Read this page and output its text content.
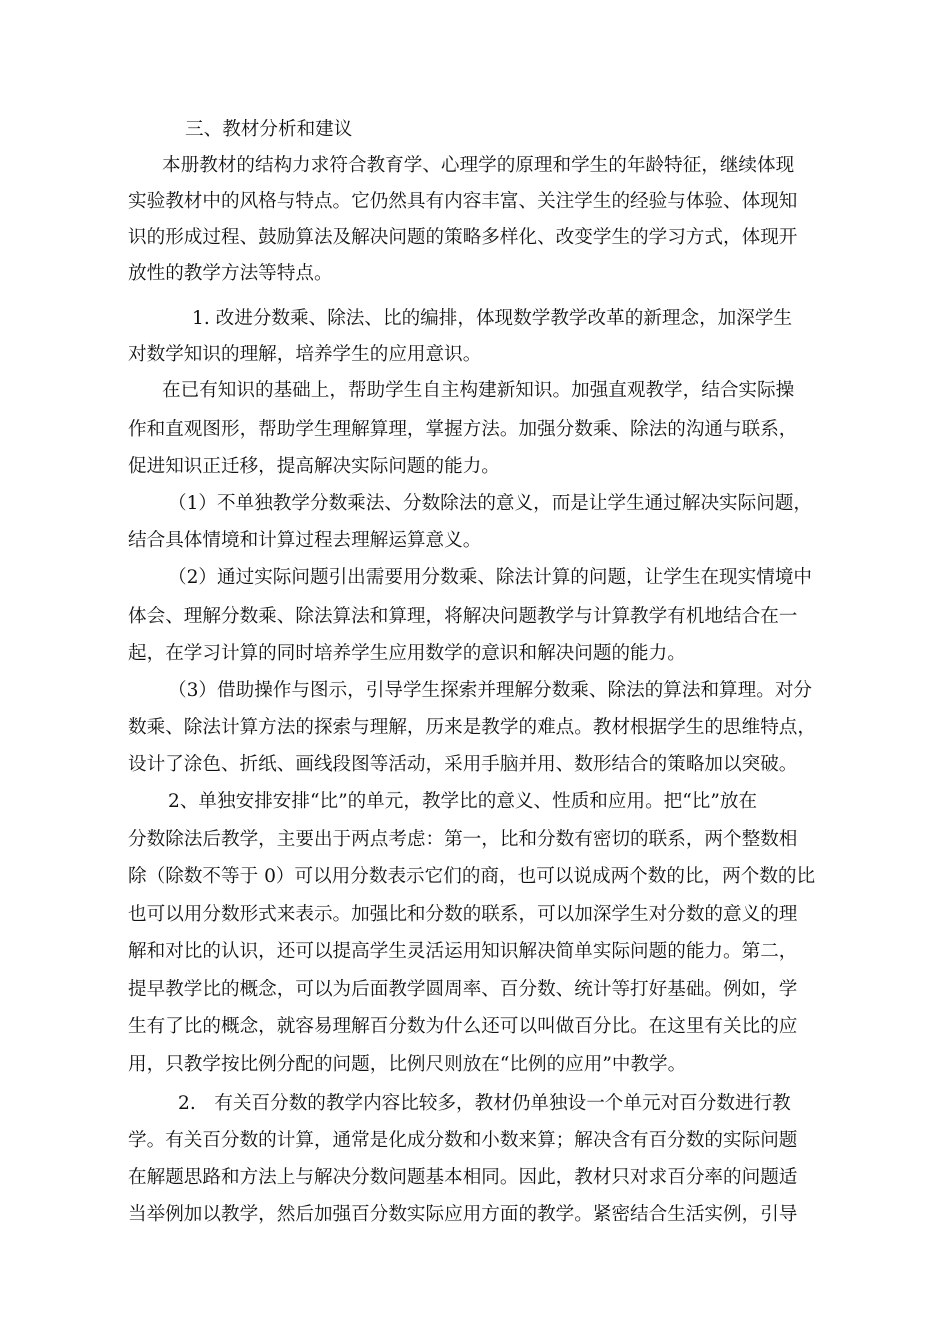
三、教材分析和建议
本册教材的结构力求符合教育学、心理学的原理和学生的年龄特征，继续体现
实验教材中的风格与特点。它仍然具有内容丰富、关注学生的经验与体验、体现知
识的形成过程、鼓励算法及解决问题的策略多样化、改变学生的学习方式，体现开
放性的教学方法等特点。
1. 改进分数乘、除法、比的编排，体现数学教学改革的新理念，加深学生
对数学知识的理解，培养学生的应用意识。
在已有知识的基础上，帮助学生自主构建新知识。加强直观教学，结合实际操
作和直观图形，帮助学生理解算理，掌握方法。加强分数乘、除法的沟通与联系，
促进知识正迁移，提高解决实际问题的能力。
（1）不单独教学分数乘法、分数除法的意义，而是让学生通过解决实际问题，
结合具体情境和计算过程去理解运算意义。
（2）通过实际问题引出需要用分数乘、除法计算的问题，让学生在现实情境中
体会、理解分数乘、除法算法和算理，将解决问题教学与计算教学有机地结合在一
起，在学习计算的同时培养学生应用数学的意识和解决问题的能力。
（3）借助操作与图示，引导学生探索并理解分数乘、除法的算法和算理。对分
数乘、除法计算方法的探索与理解，历来是教学的难点。教材根据学生的思维特点，
设计了涂色、折纸、画线段图等活动，采用手脑并用、数形结合的策略加以突破。
2、单独安排安排“比”的单元，教学比的意义、性质和应用。把“比”放在
分数除法后教学，主要出于两点考虑：第一，比和分数有密切的联系，两个整数相
除（除数不等于 0）可以用分数表示它们的商，也可以说成两个数的比，两个数的比
也可以用分数形式来表示。加强比和分数的联系，可以加深学生对分数的意义的理
解和对比的认识，还可以提高学生灵活运用知识解决简单实际问题的能力。第二，
提早教学比的概念，可以为后面教学圆周率、百分数、统计等打好基础。例如，学
生有了比的概念，就容易理解百分数为什么还可以叫做百分比。在这里有关比的应
用，只教学按比例分配的问题，比例尺则放在“比例的应用”中教学。
2.　有关百分数的教学内容比较多，教材仍单独设一个单元对百分数进行教
学。有关百分数的计算，通常是化成分数和小数来算；解决含有百分数的实际问题
在解题思路和方法上与解决分数问题基本相同。因此，教材只对求百分率的问题适
当举例加以教学，然后加强百分数实际应用方面的教学。紧密结合生活实例，引导
